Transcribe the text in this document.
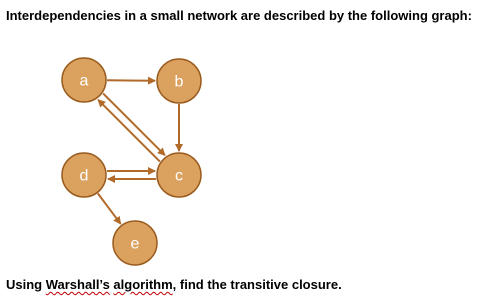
Interdependencies in a small network are described by the following graph:

a	b
c
d
e

Using Warshall’s algorithm, find the transitive closure.
